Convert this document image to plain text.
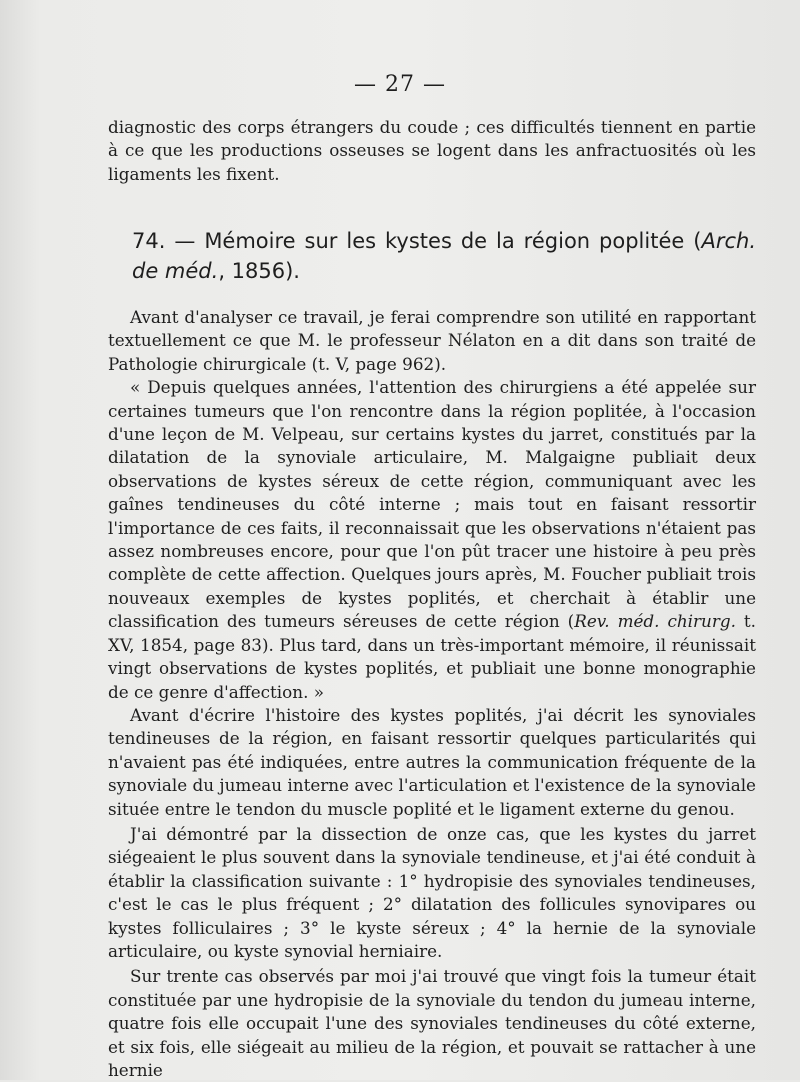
— 27 —

diagnostic des corps étrangers du coude ; ces difficultés tiennent en partie à ce que les productions osseuses se logent dans les anfractuosités où les ligaments les fixent.

74. — Mémoire sur les kystes de la région poplitée (Arch. de méd., 1856).

Avant d'analyser ce travail, je ferai comprendre son utilité en rapportant textuellement ce que M. le professeur Nélaton en a dit dans son traité de Pathologie chirurgicale (t. V, page 962).

« Depuis quelques années, l'attention des chirurgiens a été appelée sur certaines tumeurs que l'on rencontre dans la région poplitée, à l'occasion d'une leçon de M. Velpeau, sur certains kystes du jarret, constitués par la dilatation de la synoviale articulaire, M. Malgaigne publiait deux observations de kystes séreux de cette région, communiquant avec les gaînes tendineuses du côté interne ; mais tout en faisant ressortir l'importance de ces faits, il reconnaissait que les observations n'étaient pas assez nombreuses encore, pour que l'on pût tracer une histoire à peu près complète de cette affection. Quelques jours après, M. Foucher publiait trois nouveaux exemples de kystes poplités, et cherchait à établir une classification des tumeurs séreuses de cette région (Rev. méd. chirurg. t. XV, 1854, page 83). Plus tard, dans un très-important mémoire, il réunissait vingt observations de kystes poplités, et publiait une bonne monographie de ce genre d'affection. »

Avant d'écrire l'histoire des kystes poplités, j'ai décrit les synoviales tendineuses de la région, en faisant ressortir quelques particularités qui n'avaient pas été indiquées, entre autres la communication fréquente de la synoviale du jumeau interne avec l'articulation et l'existence de la synoviale située entre le tendon du muscle poplité et le ligament externe du genou.

J'ai démontré par la dissection de onze cas, que les kystes du jarret siégeaient le plus souvent dans la synoviale tendineuse, et j'ai été conduit à établir la classification suivante : 1° hydropisie des synoviales tendineuses, c'est le cas le plus fréquent ; 2° dilatation des follicules synovipares ou kystes folliculaires ; 3° le kyste séreux ; 4° la hernie de la synoviale articulaire, ou kyste synovial herniaire.

Sur trente cas observés par moi j'ai trouvé que vingt fois la tumeur était constituée par une hydropisie de la synoviale du tendon du jumeau interne, quatre fois elle occupait l'une des synoviales tendineuses du côté externe, et six fois, elle siégeait au milieu de la région, et pouvait se rattacher à une hernie
